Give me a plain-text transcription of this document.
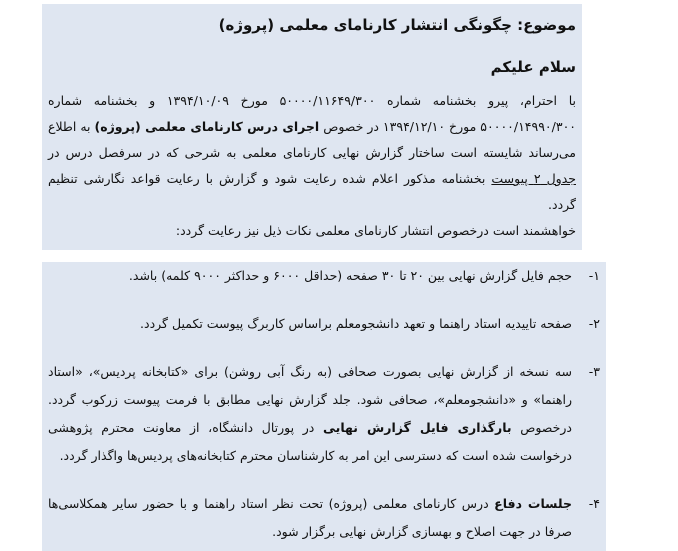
موضوع: چگونگی انتشار کارنامای معلمی (پروژه)

سلام علیکم

با احترام، پیرو بخشنامه شماره ۵۰۰۰۰/۱۱۶۴۹/۳۰۰ مورخ ۱۳۹۴/۱۰/۰۹ و بخشنامه شماره ۵۰۰۰۰/۱۴۹۹۰/۳۰۰ مورخ ۱۳۹۴/۱۲/۱۰ در خصوص اجرای درس کارنامای معلمی (پروژه) به اطلاع می‌رساند شایسته است ساختار گزارش نهایی کارنامای معلمی به شرحی که در سرفصل درس در جدول ۲ پیوست بخشنامه مذکور اعلام شده رعایت شود و گزارش با رعایت قواعد نگارشی تنظیم گردد.

خواهشمند است درخصوص انتشار کارنامای معلمی نکات ذیل نیز رعایت گردد:

۱-
حجم فایل گزارش نهایی بین ۲۰ تا ۳۰ صفحه (حداقل ۶۰۰۰ و حداکثر ۹۰۰۰ کلمه) باشد.
۲-
صفحه تاییدیه استاد راهنما و تعهد دانشجومعلم براساس کاربرگ پیوست تکمیل گردد.
۳-
سه نسخه از گزارش نهایی بصورت صحافی (به رنگ آبی روشن) برای «کتابخانه پردیس»، «استاد راهنما» و «دانشجومعلم»، صحافی شود. جلد گزارش نهایی مطابق با فرمت پیوست زرکوب گردد. درخصوص بارگذاری فایل گزارش نهایی در پورتال دانشگاه، از معاونت محترم پژوهشی درخواست شده است که دسترسی این امر به کارشناسان محترم کتابخانه‌های پردیس‌ها واگذار گردد.
۴-
جلسات دفاع درس کارنامای معلمی (پروژه) تحت نظر استاد راهنما و با حضور سایر همکلاسی‌ها صرفا در جهت اصلاح و بهسازی گزارش نهایی برگزار شود.
